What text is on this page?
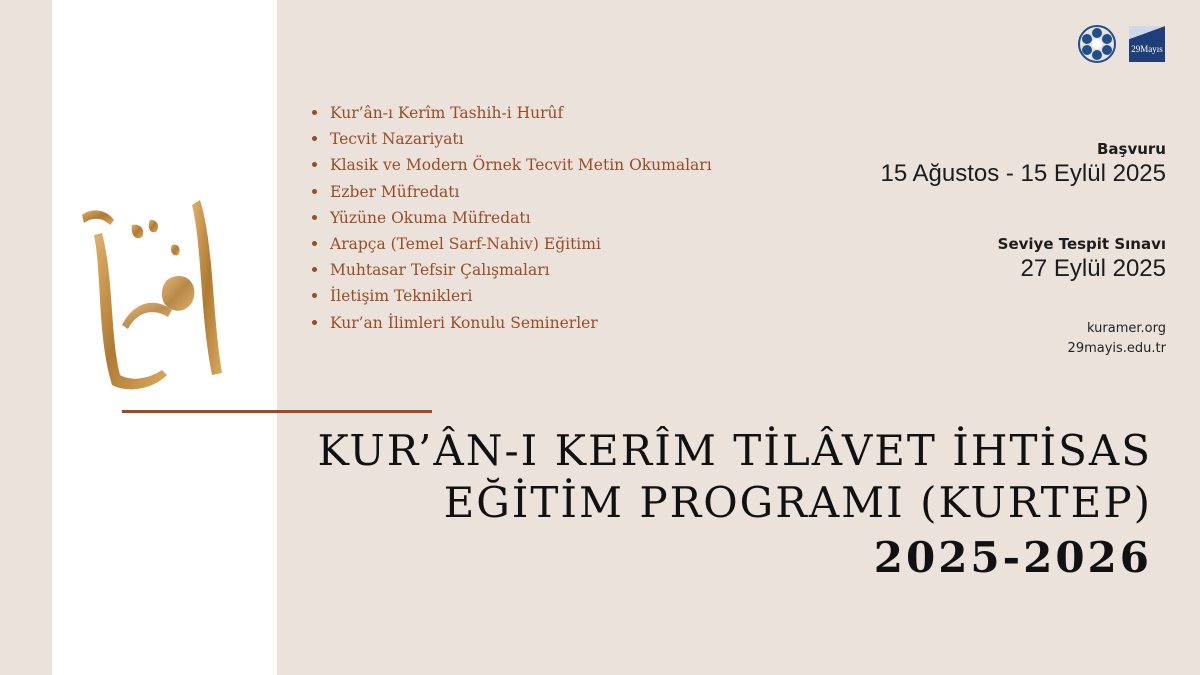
Kur’ân-ı Kerîm Tashih-i Hurûf
Tecvit Nazariyatı
Klasik ve Modern Örnek Tecvit Metin Okumaları
Ezber Müfredatı
Yüzüne Okuma Müfredatı
Arapça (Temel Sarf-Nahiv) Eğitimi
Muhtasar Tefsir Çalışmaları
İletişim Teknikleri
Kur’an İlimleri Konulu Seminerler
29Mayıs
Başvuru
15 Ağustos - 15 Eylül 2025
Seviye Tespit Sınavı
27 Eylül 2025
kuramer.org
29mayis.edu.tr
KUR’ÂN-I KERÎM TİLÂVET İHTİSAS
EĞİTİM PROGRAMI (KURTEP)
2025-2026
